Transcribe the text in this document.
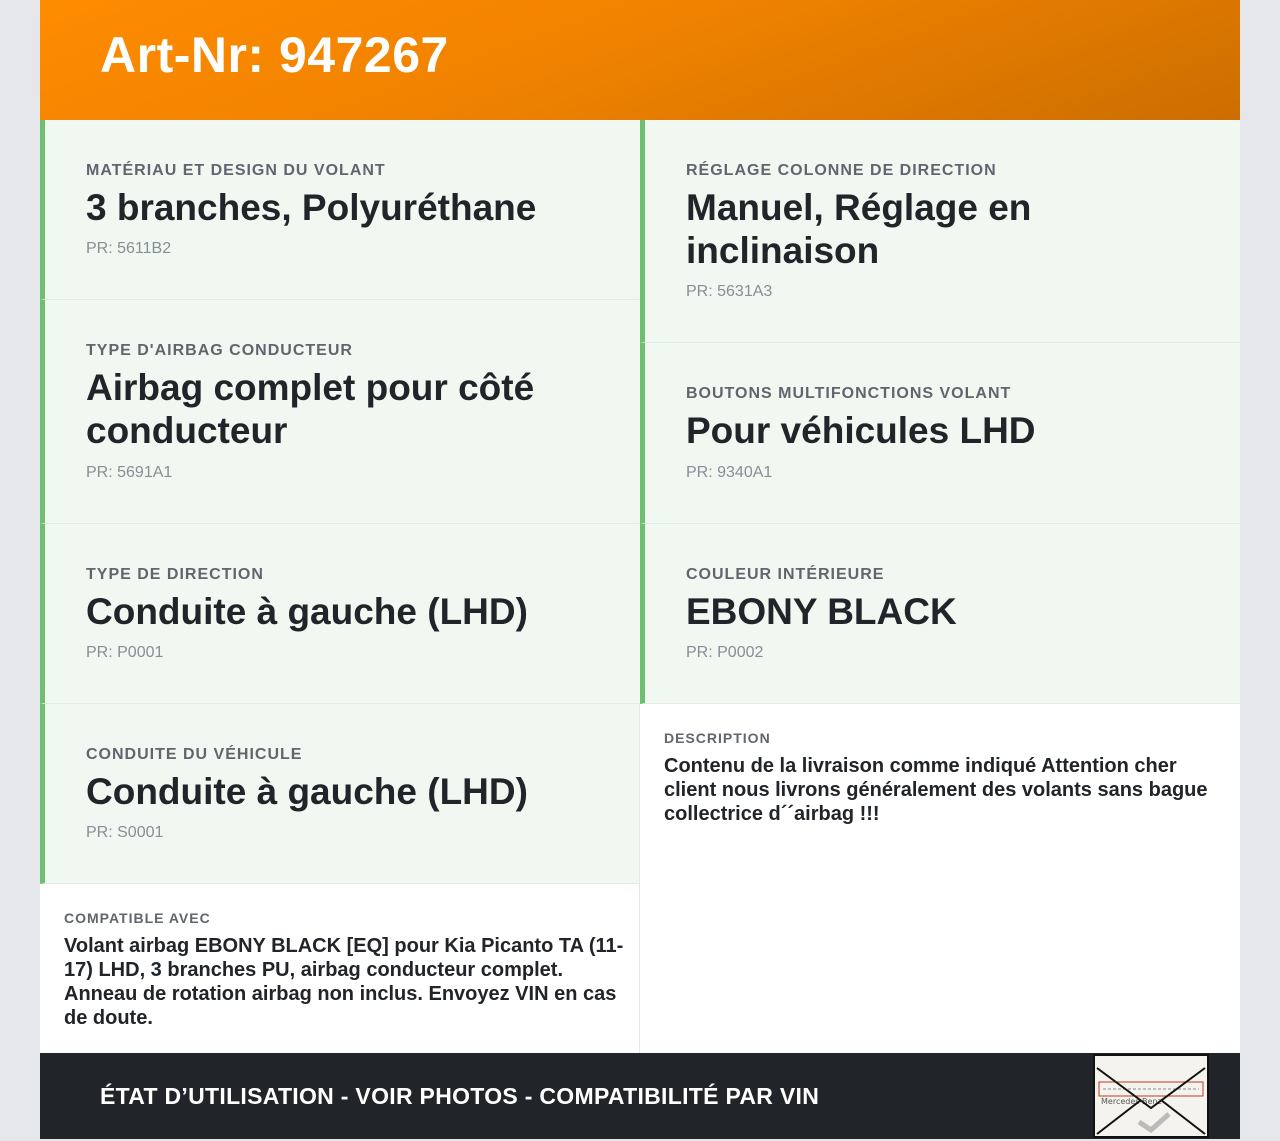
Art-Nr: 947267
MATÉRIAU ET DESIGN DU VOLANT
3 branches, Polyuréthane
PR: 5611B2
TYPE D'AIRBAG CONDUCTEUR
Airbag complet pour côté conducteur
PR: 5691A1
TYPE DE DIRECTION
Conduite à gauche (LHD)
PR: P0001
CONDUITE DU VÉHICULE
Conduite à gauche (LHD)
PR: S0001
COMPATIBLE AVEC
Volant airbag EBONY BLACK [EQ] pour Kia Picanto TA (11-17) LHD, 3 branches PU, airbag conducteur complet. Anneau de rotation airbag non inclus. Envoyez VIN en cas de doute.
RÉGLAGE COLONNE DE DIRECTION
Manuel, Réglage en inclinaison
PR: 5631A3
BOUTONS MULTIFONCTIONS VOLANT
Pour véhicules LHD
PR: 9340A1
COULEUR INTÉRIEURE
EBONY BLACK
PR: P0002
DESCRIPTION
Contenu de la livraison comme indiqué Attention cher client nous livrons généralement des volants sans bague collectrice d´´airbag !!!
ÉTAT D’UTILISATION - VOIR PHOTOS - COMPATIBILITÉ PAR VIN	Mercedes-Benz
